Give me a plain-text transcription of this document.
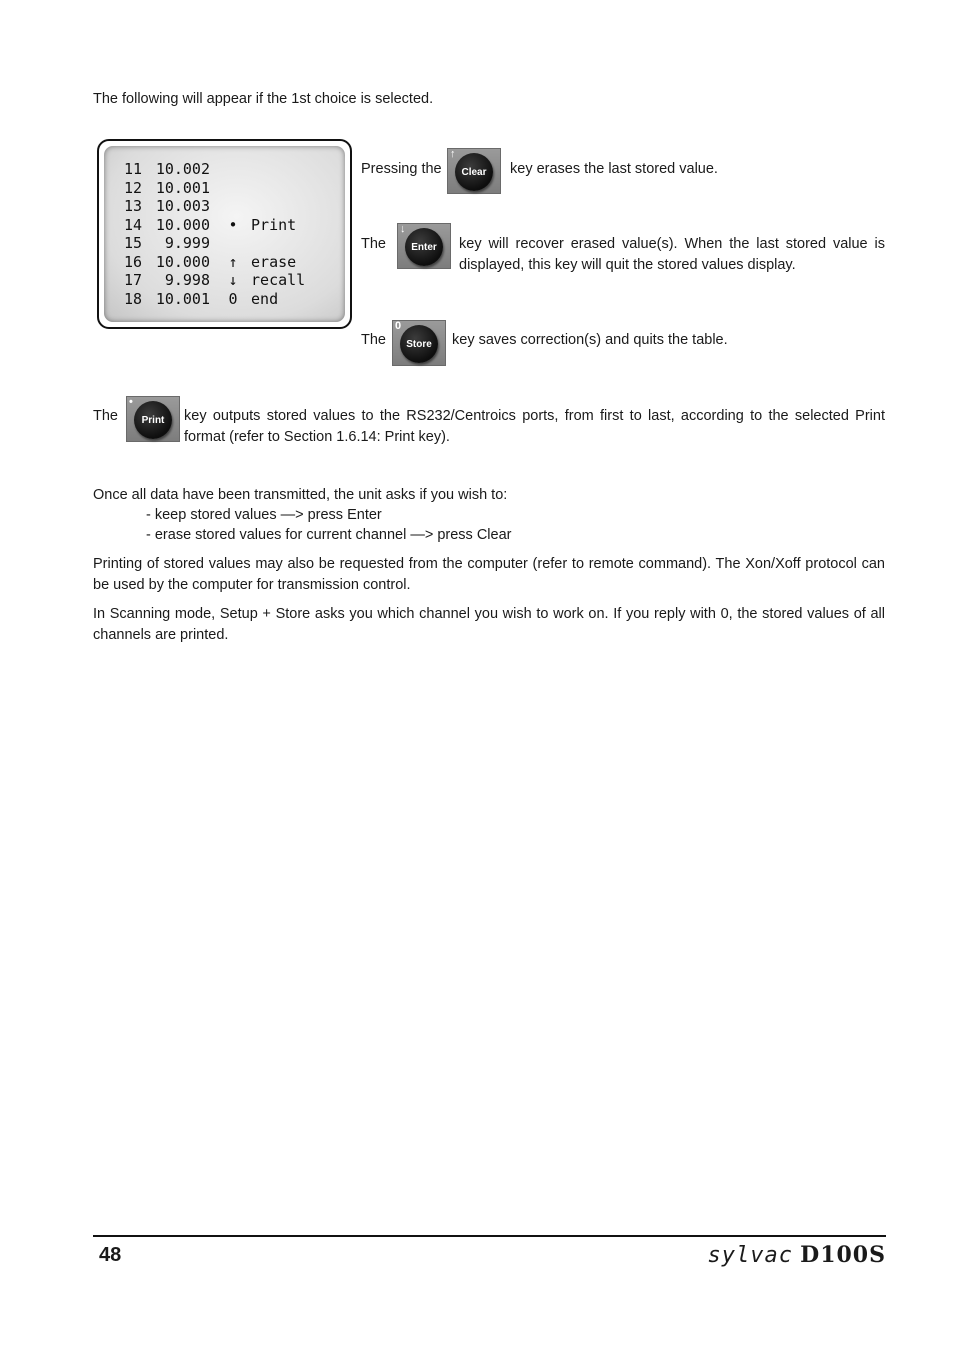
The following will appear if the 1st choice is selected.
11 10.002
12 10.001
13 10.003
14 10.000 • Print
15 9.999
16 10.000 ↑ erase
17 9.998 ↓ recall
18 10.001 0 end
Pressing the
↑
Clear	key erases the last stored value.
The
↓
Enter	key will recover erased value(s). When the last stored value is displayed, this key will quit the stored values display.
The
0
Store	key saves correction(s) and quits the table.
The
•
Print	key outputs stored values to the RS232/Centroics ports, from first to last, according to the selected Print format (refer to Section 1.6.14: Print key).
Once all data have been transmitted, the unit asks if you wish to:
- keep stored values —> press Enter
- erase stored values for current channel —> press Clear
Printing of stored values may also be requested from the computer (refer to remote command). The Xon/Xoff protocol can be used by the computer for transmission control.
In Scanning mode, Setup + Store asks you which channel you wish to work on. If you reply with 0, the stored values of all channels are printed.
48	sylvac D100S
